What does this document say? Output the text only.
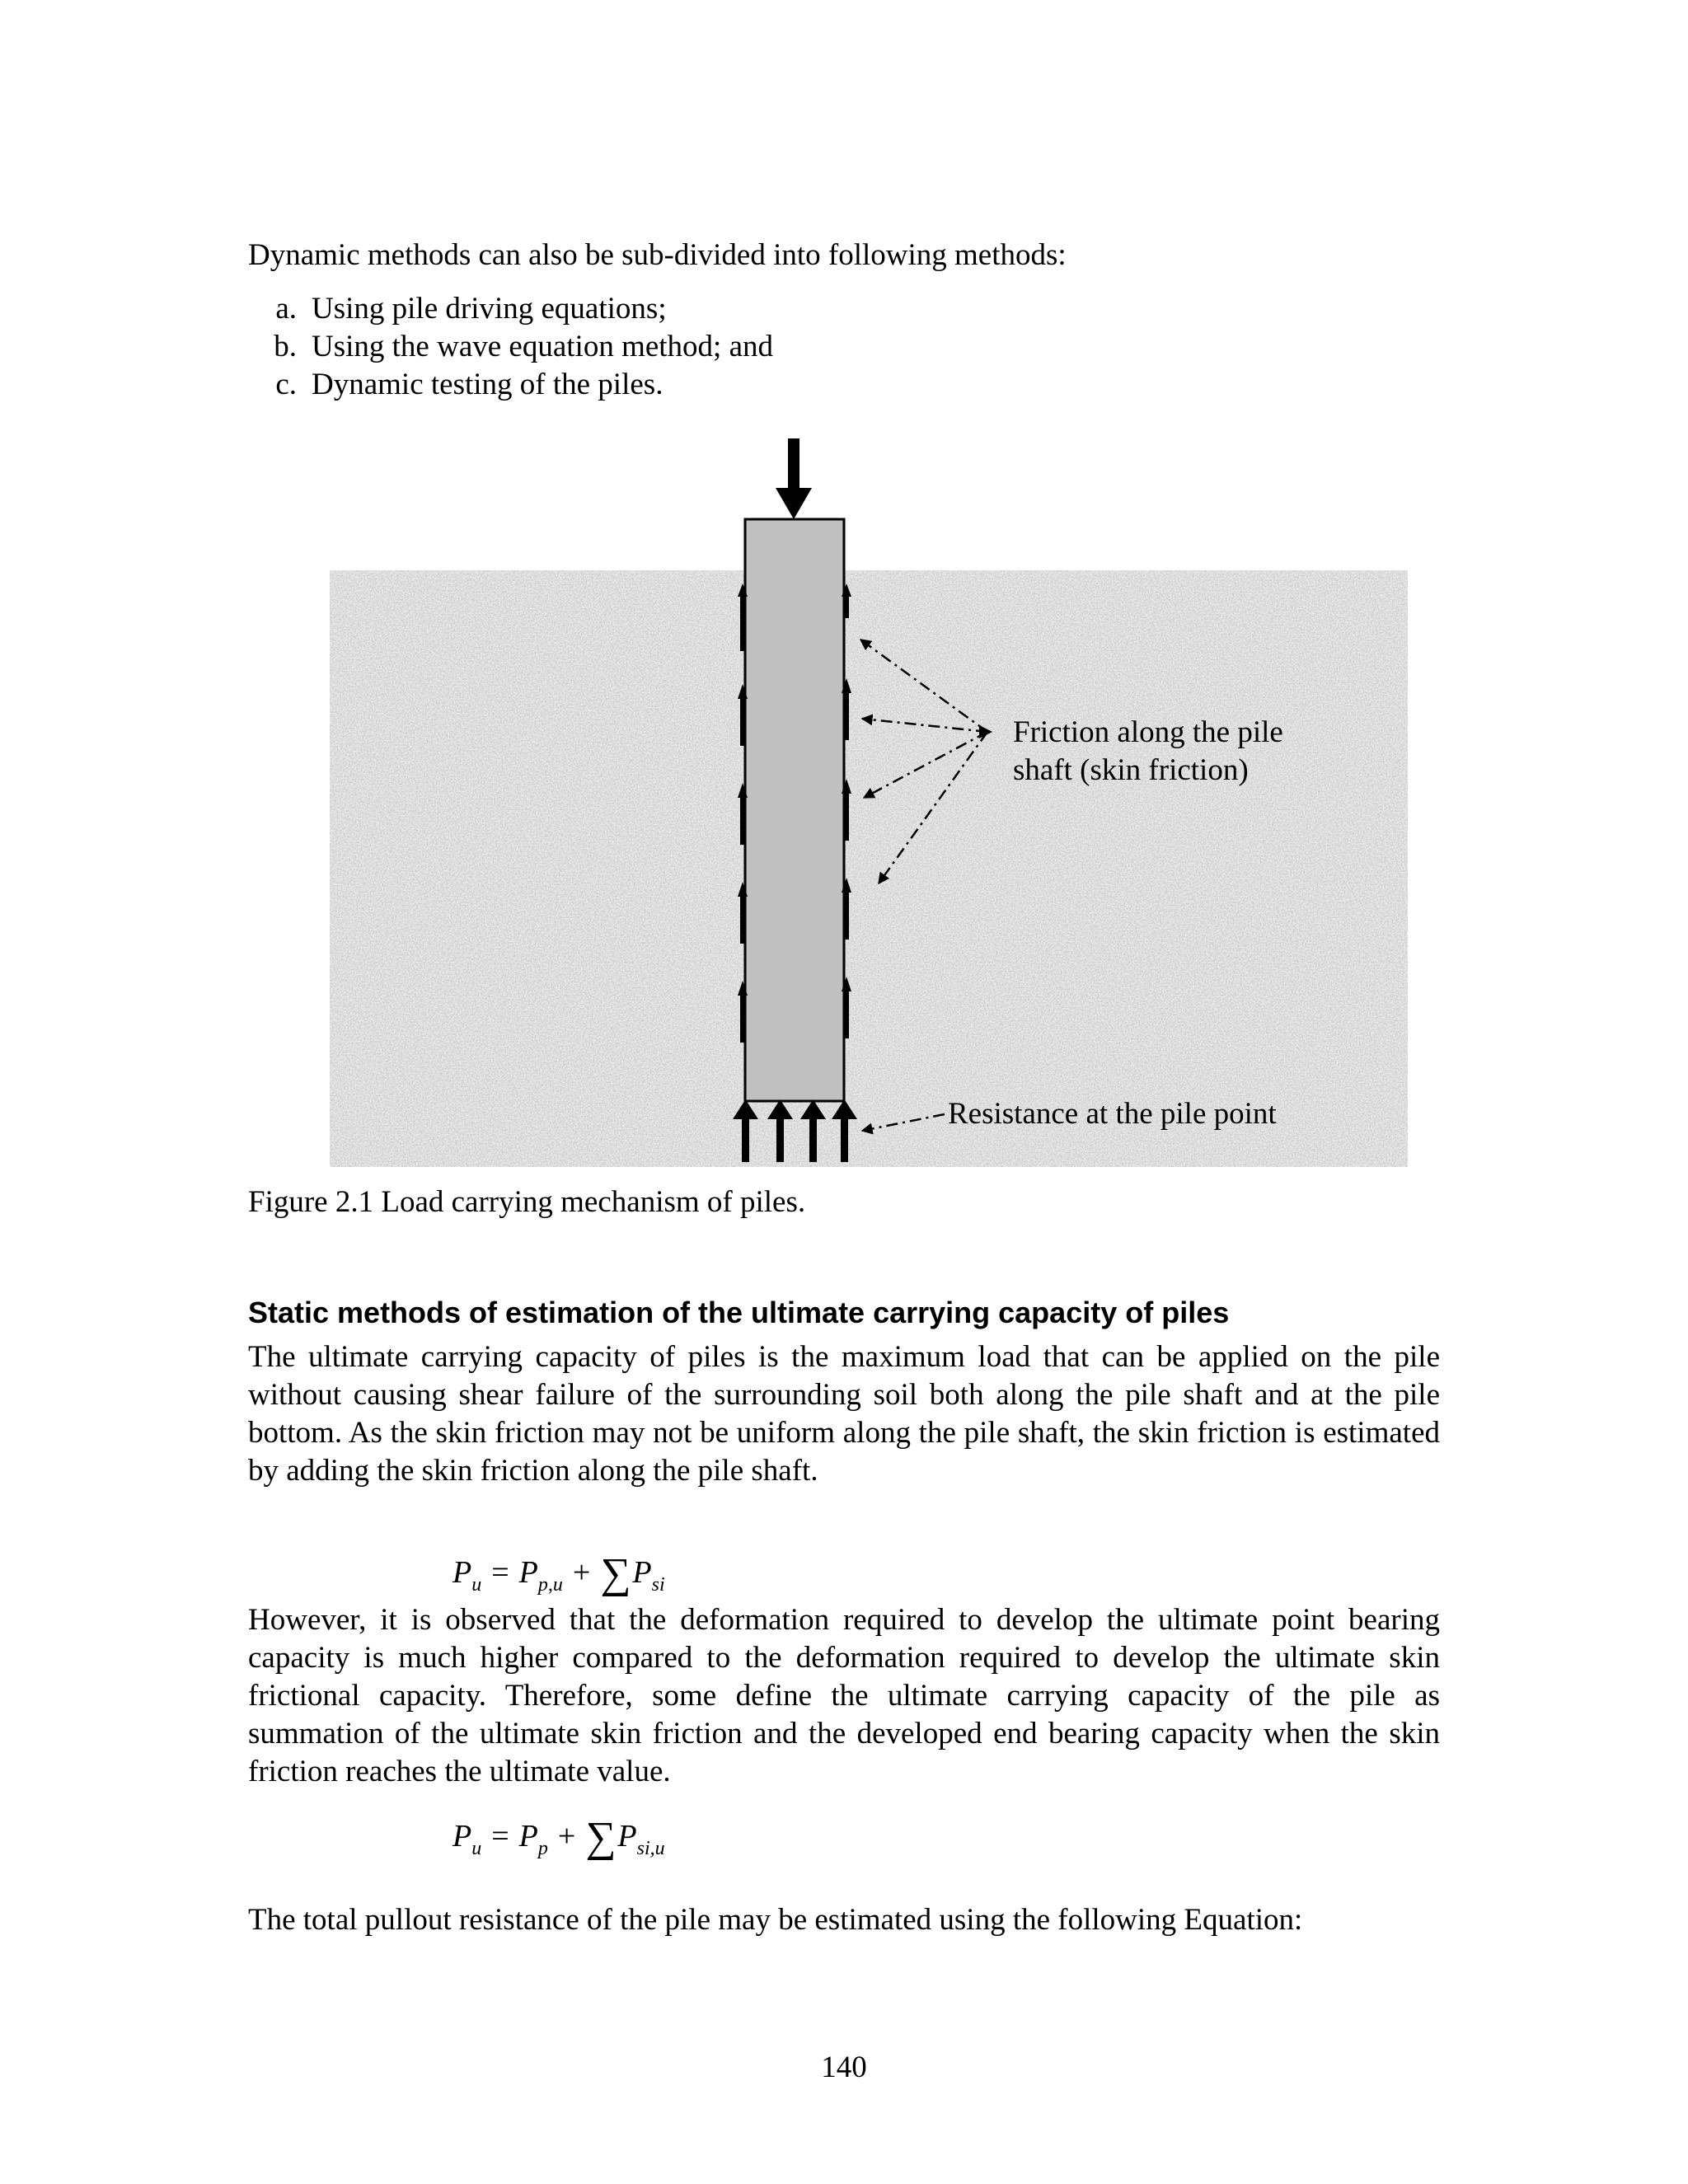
Dynamic methods can also be sub-divided into following methods:
a. Using pile driving equations;
b. Using the wave equation method; and
c. Dynamic testing of the piles.
Friction along the pile
shaft (skin friction)
Resistance at the pile point
Figure 2.1 Load carrying mechanism of piles.
Static methods of estimation of the ultimate carrying capacity of piles
The ultimate carrying capacity of piles is the maximum load that can be applied on the pile without causing shear failure of the surrounding soil both along the pile shaft and at the pile bottom. As the skin friction may not be uniform along the pile shaft, the skin friction is estimated by adding the skin friction along the pile shaft.
$P_u = P_{p,u} + \sum P_{si}$
However, it is observed that the deformation required to develop the ultimate point bearing capacity is much higher compared to the deformation required to develop the ultimate skin frictional capacity. Therefore, some define the ultimate carrying capacity of the pile as summation of the ultimate skin friction and the developed end bearing capacity when the skin friction reaches the ultimate value.
$P_u = P_p + \sum P_{si,u}$
The total pullout resistance of the pile may be estimated using the following Equation:
140
